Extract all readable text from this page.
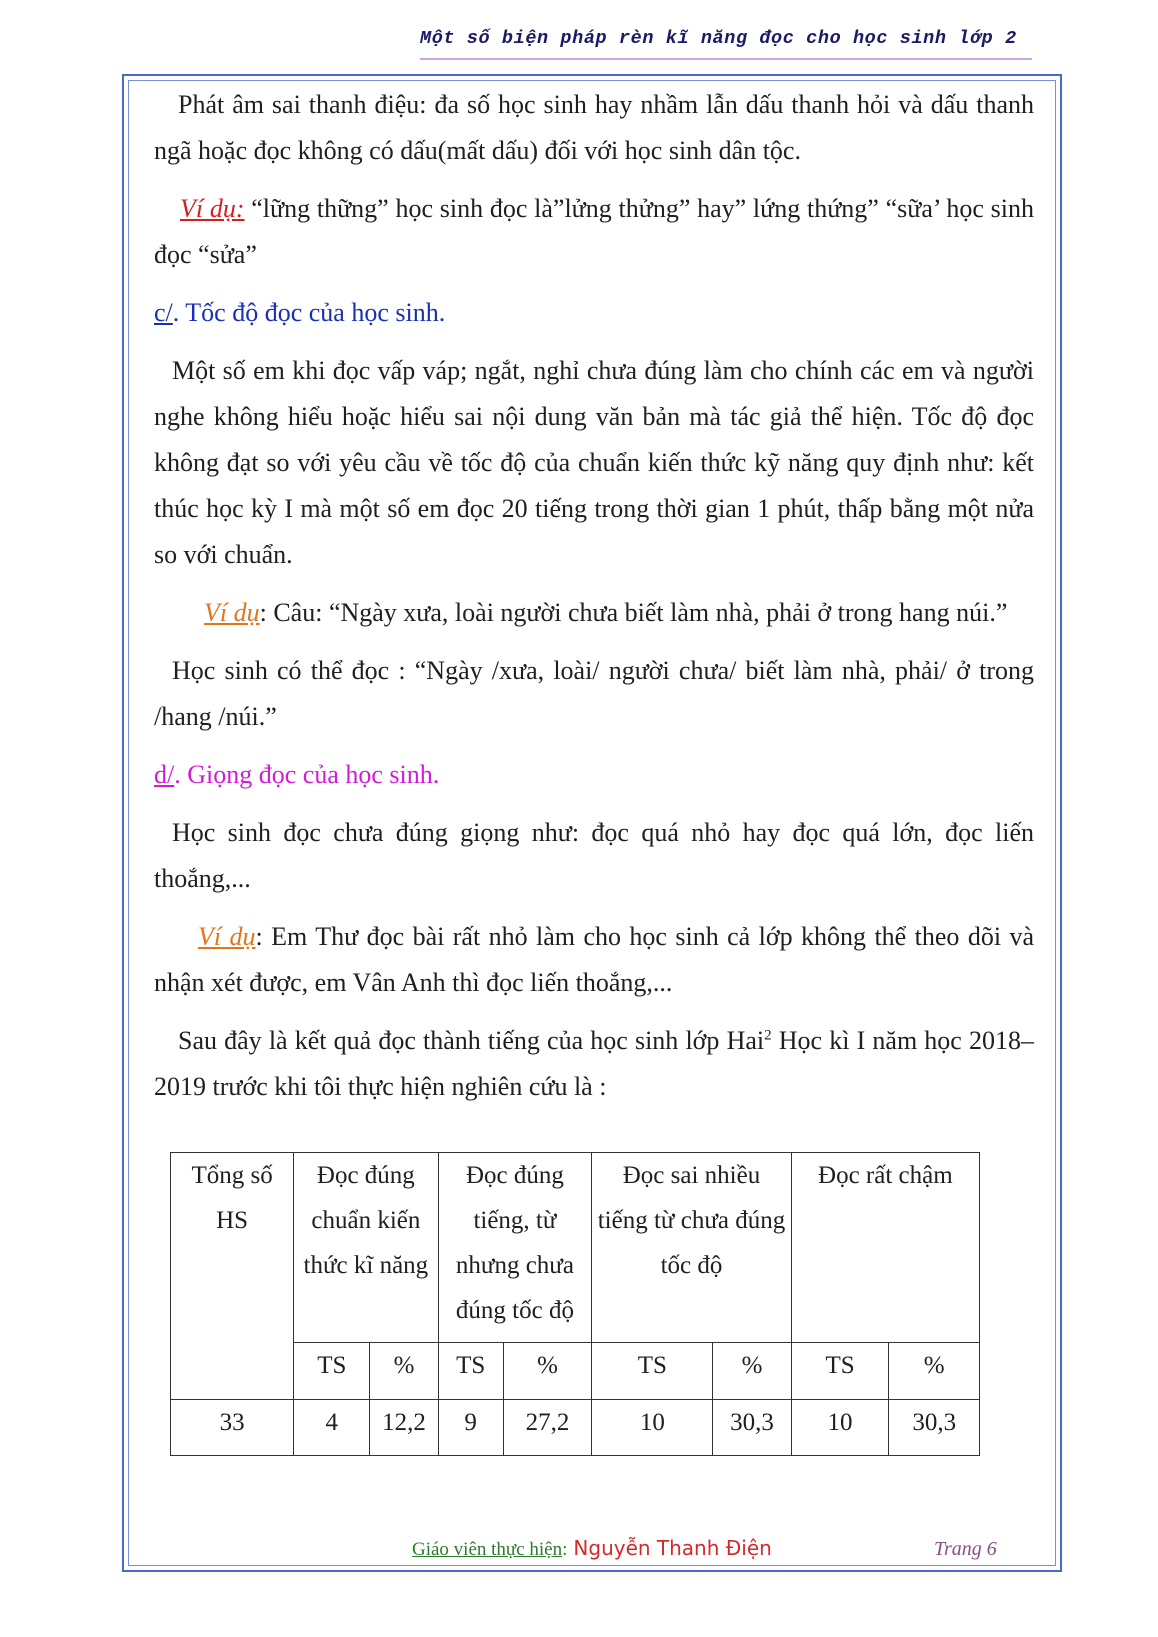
Một số biện pháp rèn kĩ năng đọc cho học sinh lớp 2

Phát âm sai thanh điệu: đa số học sinh hay nhầm lẫn dấu thanh hỏi và dấu thanh ngã hoặc đọc không có dấu(mất dấu) đối với học sinh dân tộc.

Ví dụ: “lững thững” học sinh đọc là”lửng thửng” hay” lứng thứng” “sữa’ học sinh đọc “sửa”

c/. Tốc độ đọc của học sinh.

Một số em khi đọc vấp váp; ngắt, nghỉ chưa đúng làm cho chính các em và người nghe không hiểu hoặc hiểu sai nội dung văn bản mà tác giả thể hiện. Tốc độ đọc không đạt so với yêu cầu về tốc độ của chuẩn kiến thức kỹ năng quy định như: kết thúc học kỳ I mà một số em đọc 20 tiếng trong thời gian 1 phút, thấp bằng một nửa so với chuẩn.

Ví dụ: Câu: “Ngày xưa, loài người chưa biết làm nhà, phải ở trong hang núi.”

Học sinh có thể đọc : “Ngày /xưa, loài/ người chưa/ biết làm nhà, phải/ ở trong /hang /núi.”

d/. Giọng đọc của học sinh.

Học sinh đọc chưa đúng giọng như: đọc quá nhỏ hay đọc quá lớn, đọc liến thoắng,...

Ví dụ: Em Thư đọc bài rất nhỏ làm cho học sinh cả lớp không thể theo dõi và nhận xét được, em Vân Anh thì đọc liến thoắng,...

Sau đây là kết quả đọc thành tiếng của học sinh lớp Hai$^2$ Học kì I năm học 2018– 2019 trước khi tôi thực hiện nghiên cứu là :

Tổng số HS	Đọc đúng chuẩn kiến thức kĩ năng		Đọc đúng tiếng, từ nhưng chưa đúng tốc độ		Đọc sai nhiều tiếng từ chưa đúng tốc độ		Đọc rất chậm	
	TS	%	TS	%	TS	%	TS	%
33	4	12,2	9	27,2	10	30,3	10	30,3
Giáo viên thực hiện: Nguyễn Thanh Điện	Trang 6
